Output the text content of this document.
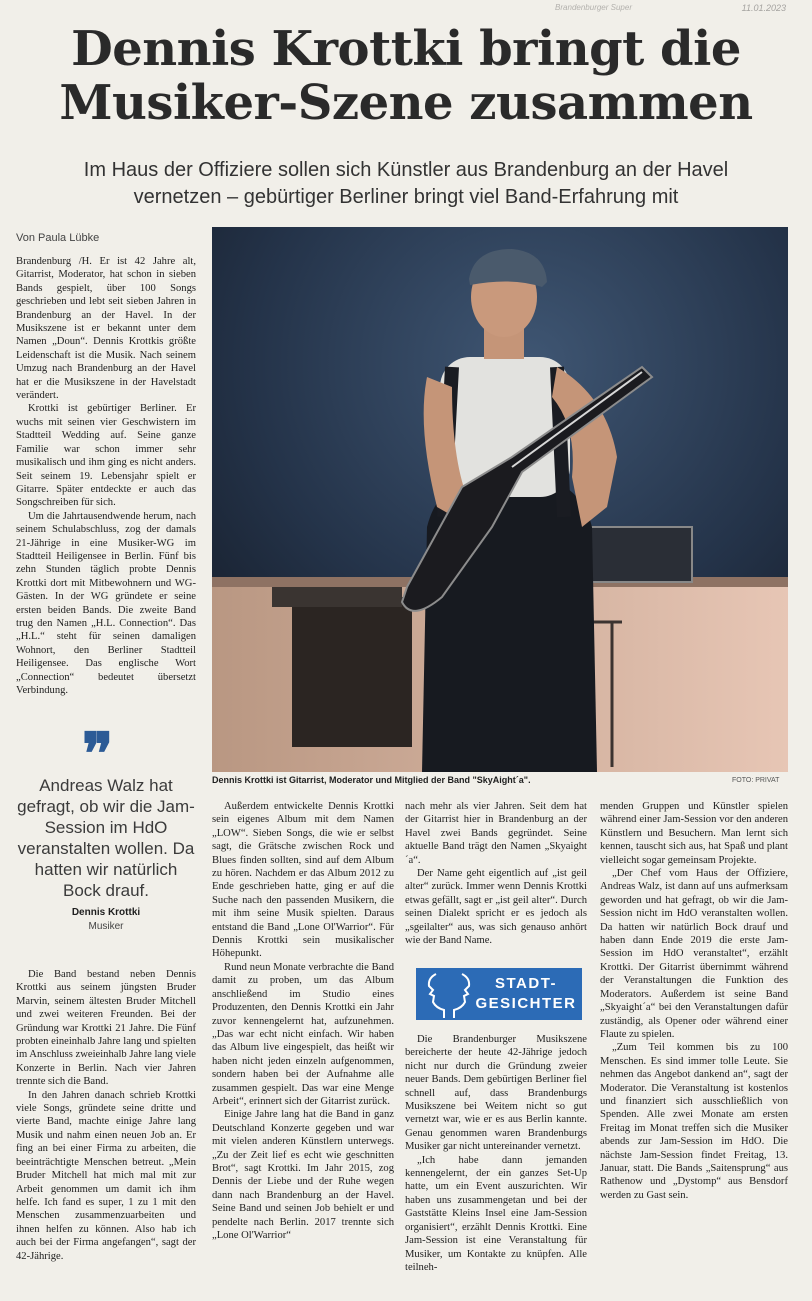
Brandenburger Super	11.01.2023
Dennis Krottki bringt die Musiker-Szene zusammen
Im Haus der Offiziere sollen sich Künstler aus Brandenburg an der Havel vernetzen – gebürtiger Berliner bringt viel Band-Erfahrung mit
Von Paula Lübke

Brandenburg /H. Er ist 42 Jahre alt, Gitarrist, Moderator, hat schon in sieben Bands gespielt, über 100 Songs geschrieben und lebt seit sieben Jahren in Brandenburg an der Havel. In der Musikszene ist er bekannt unter dem Namen „Doun“. Dennis Krottkis größte Leidenschaft ist die Musik. Nach seinem Umzug nach Brandenburg an der Havel hat er die Musikszene in der Havelstadt verändert.

Krottki ist gebürtiger Berliner. Er wuchs mit seinen vier Geschwistern im Stadtteil Wedding auf. Seine ganze Familie war schon immer sehr musikalisch und ihm ging es nicht anders. Seit seinem 19. Lebensjahr spielt er Gitarre. Später entdeckte er auch das Songschreiben für sich.

Um die Jahrtausendwende herum, nach seinem Schulabschluss, zog der damals 21-Jährige in eine Musiker-WG im Stadtteil Heiligensee in Berlin. Fünf bis zehn Stunden täglich probte Dennis Krottki dort mit Mitbewohnern und WG-Gästen. In der WG gründete er seine ersten beiden Bands. Die zweite Band trug den Namen „H.L. Connection“. Das „H.L.“ steht für seinen damaligen Wohnort, den Berliner Stadtteil Heiligensee. Das englische Wort „Connection“ bedeutet übersetzt Verbindung.

Dennis Krottki ist Gitarrist, Moderator und Mitglied der Band "SkyAight´a".	FOTO: PRIVAT
❞
Andreas Walz hat gefragt, ob wir die Jam-Session im HdO veranstalten wollen. Da hatten wir natürlich Bock drauf.
Dennis Krottki
Musiker

Die Band bestand neben Dennis Krottki aus seinem jüngsten Bruder Marvin, seinem ältesten Bruder Mitchell und zwei weiteren Freunden. Bei der Gründung war Krottki 21 Jahre. Die Fünf probten eineinhalb Jahre lang und spielten im Anschluss zweieinhalb Jahre lang viele Konzerte in Berlin. Nach vier Jahren trennte sich die Band.

In den Jahren danach schrieb Krottki viele Songs, gründete seine dritte und vierte Band, machte einige Jahre lang Musik und nahm einen neuen Job an. Er fing an bei einer Firma zu arbeiten, die beeinträchtigte Menschen betreut. „Mein Bruder Mitchell hat mich mal mit zur Arbeit genommen um damit ich ihm helfe. Ich fand es super, 1 zu 1 mit den Menschen zusammenzuarbeiten und ihnen helfen zu können. Also hab ich auch bei der Firma angefangen“, sagt der 42-Jährige.

Außerdem entwickelte Dennis Krottki sein eigenes Album mit dem Namen „LOW“. Sieben Songs, die wie er selbst sagt, die Grätsche zwischen Rock und Blues finden sollten, sind auf dem Album zu hören. Nachdem er das Album 2012 zu Ende geschrieben hatte, ging er auf die Suche nach den passenden Musikern, die mit ihm seine Musik spielten. Daraus entstand die Band „Lone Ol'Warrior“. Für Dennis Krottki sein musikalischer Höhepunkt.

Rund neun Monate verbrachte die Band damit zu proben, um das Album anschließend im Studio eines Produzenten, den Dennis Krottki ein Jahr zuvor kennengelernt hat, aufzunehmen. „Das war echt nicht einfach. Wir haben das Album live eingespielt, das heißt wir haben nicht jeden einzeln aufgenommen, sondern haben bei der Aufnahme alle zusammen gespielt. Das war eine Menge Arbeit“, erinnert sich der Gitarrist zurück.

Einige Jahre lang hat die Band in ganz Deutschland Konzerte gegeben und war mit vielen anderen Künstlern unterwegs. „Zu der Zeit lief es echt wie geschnitten Brot“, sagt Krottki. Im Jahr 2015, zog Dennis der Liebe und der Ruhe wegen dann nach Brandenburg an der Havel. Seine Band und seinen Job behielt er und pendelte nach Berlin. 2017 trennte sich „Lone Ol'Warrior“

nach mehr als vier Jahren. Seit dem hat der Gitarrist hier in Brandenburg an der Havel zwei Bands gegründet. Seine aktuelle Band trägt den Namen „Skyaight´a“.

Der Name geht eigentlich auf „ist geil alter“ zurück. Immer wenn Dennis Krottki etwas gefällt, sagt er „ist geil alter“. Durch seinen Dialekt spricht er es jedoch als „sgeilalter“ aus, was sich genauso anhört wie der Band Name.

STADT-
GESICHTER

Die Brandenburger Musikszene bereicherte der heute 42-Jährige jedoch nicht nur durch die Gründung zweier neuer Bands. Dem gebürtigen Berliner fiel schnell auf, dass Brandenburgs Musikszene bei Weitem nicht so gut vernetzt war, wie er es aus Berlin kannte. Genau genommen waren Brandenburgs Musiker gar nicht untereinander vernetzt.

„Ich habe dann jemanden kennengelernt, der ein ganzes Set-Up hatte, um ein Event auszurichten. Wir haben uns zusammengetan und bei der Gaststätte Kleins Insel eine Jam-Session organisiert“, erzählt Dennis Krottki. Eine Jam-Session ist eine Veranstaltung für Musiker, um Kontakte zu knüpfen. Alle teilneh-

menden Gruppen und Künstler spielen während einer Jam-Session vor den anderen Künstlern und Besuchern. Man lernt sich kennen, tauscht sich aus, hat Spaß und plant vielleicht sogar gemeinsam Projekte.

„Der Chef vom Haus der Offiziere, Andreas Walz, ist dann auf uns aufmerksam geworden und hat gefragt, ob wir die Jam-Session nicht im HdO veranstalten wollen. Da hatten wir natürlich Bock drauf und haben dann Ende 2019 die erste Jam-Session im HdO veranstaltet“, erzählt Krottki. Der Gitarrist übernimmt während der Veranstaltungen die Funktion des Moderators. Außerdem ist seine Band „Skyaight´a“ bei den Veranstaltungen dafür zuständig, als Opener oder während einer Flaute zu spielen.

„Zum Teil kommen bis zu 100 Menschen. Es sind immer tolle Leute. Sie nehmen das Angebot dankend an“, sagt der Moderator. Die Veranstaltung ist kostenlos und finanziert sich ausschließlich von Spenden. Alle zwei Monate am ersten Freitag im Monat treffen sich die Musiker abends zur Jam-Session im HdO. Die nächste Jam-Session findet Freitag, 13. Januar, statt. Die Bands „Saitensprung“ aus Rathenow und „Dystomp“ aus Bensdorf werden zu Gast sein.
